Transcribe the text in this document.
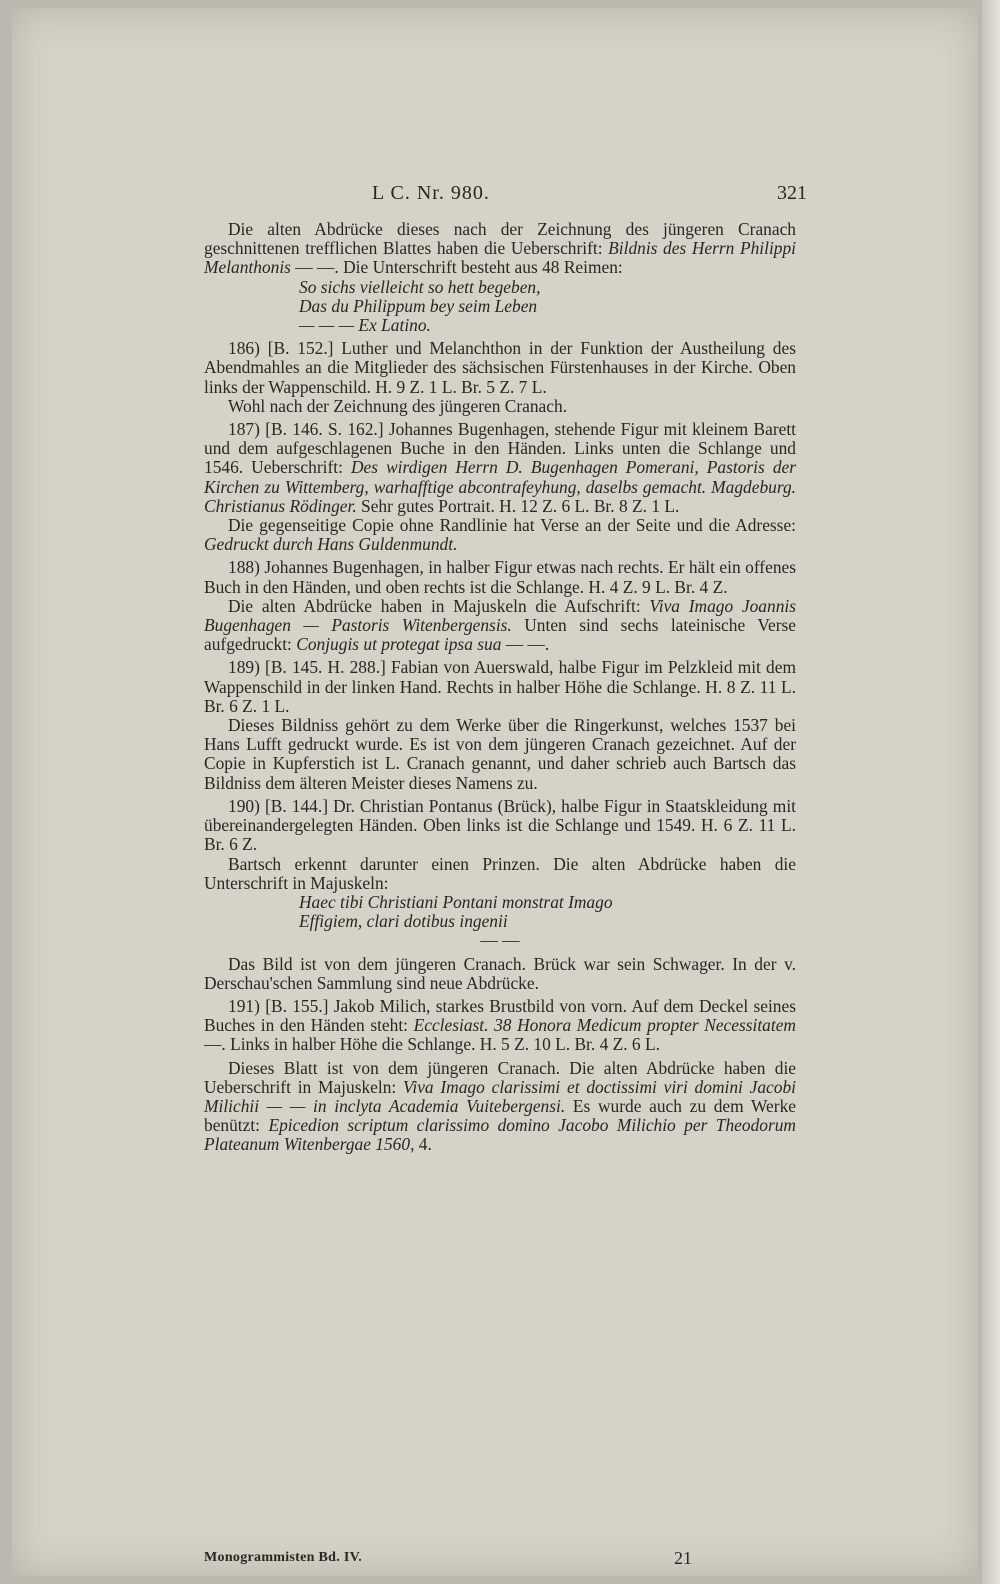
L C. Nr. 980.	321

Die alten Abdrücke dieses nach der Zeichnung des jüngeren Cranach geschnittenen trefflichen Blattes haben die Ueberschrift: Bildnis des Herrn Philippi Melanthonis — —. Die Unterschrift besteht aus 48 Reimen:

So sichs vielleicht so hett begeben,

Das du Philippum bey seim Leben

— — — Ex Latino.

186) [B. 152.] Luther und Melanchthon in der Funktion der Austheilung des Abendmahles an die Mitglieder des sächsischen Fürstenhauses in der Kirche. Oben links der Wappenschild. H. 9 Z. 1 L. Br. 5 Z. 7 L.

Wohl nach der Zeichnung des jüngeren Cranach.

187) [B. 146. S. 162.] Johannes Bugenhagen, stehende Figur mit kleinem Barett und dem aufgeschlagenen Buche in den Händen. Links unten die Schlange und 1546. Ueberschrift: Des wirdigen Herrn D. Bugenhagen Pomerani, Pastoris der Kirchen zu Wittemberg, warhafftige abcontrafeyhung, daselbs gemacht. Magdeburg. Christianus Rödinger. Sehr gutes Portrait. H. 12 Z. 6 L. Br. 8 Z. 1 L.

Die gegenseitige Copie ohne Randlinie hat Verse an der Seite und die Adresse: Gedruckt durch Hans Guldenmundt.

188) Johannes Bugenhagen, in halber Figur etwas nach rechts. Er hält ein offenes Buch in den Händen, und oben rechts ist die Schlange. H. 4 Z. 9 L. Br. 4 Z.

Die alten Abdrücke haben in Majuskeln die Aufschrift: Viva Imago Joannis Bugenhagen — Pastoris Witenbergensis. Unten sind sechs lateinische Verse aufgedruckt: Conjugis ut protegat ipsa sua — —.

189) [B. 145. H. 288.] Fabian von Auerswald, halbe Figur im Pelzkleid mit dem Wappenschild in der linken Hand. Rechts in halber Höhe die Schlange. H. 8 Z. 11 L. Br. 6 Z. 1 L.

Dieses Bildniss gehört zu dem Werke über die Ringerkunst, welches 1537 bei Hans Lufft gedruckt wurde. Es ist von dem jüngeren Cranach gezeichnet. Auf der Copie in Kupferstich ist L. Cranach genannt, und daher schrieb auch Bartsch das Bildniss dem älteren Meister dieses Namens zu.

190) [B. 144.] Dr. Christian Pontanus (Brück), halbe Figur in Staatskleidung mit übereinandergelegten Händen. Oben links ist die Schlange und 1549. H. 6 Z. 11 L. Br. 6 Z.

Bartsch erkennt darunter einen Prinzen. Die alten Abdrücke haben die Unterschrift in Majuskeln:

Haec tibi Christiani Pontani monstrat Imago

Effigiem, clari dotibus ingenii

— —

Das Bild ist von dem jüngeren Cranach. Brück war sein Schwager. In der v. Derschau'schen Sammlung sind neue Abdrücke.

191) [B. 155.] Jakob Milich, starkes Brustbild von vorn. Auf dem Deckel seines Buches in den Händen steht: Ecclesiast. 38 Honora Medicum propter Necessitatem —. Links in halber Höhe die Schlange. H. 5 Z. 10 L. Br. 4 Z. 6 L.

Dieses Blatt ist von dem jüngeren Cranach. Die alten Abdrücke haben die Ueberschrift in Majuskeln: Viva Imago clarissimi et doctissimi viri domini Jacobi Milichii — — in inclyta Academia Vuitebergensi. Es wurde auch zu dem Werke benützt: Epicedion scriptum clarissimo domino Jacobo Milichio per Theodorum Plateanum Witenbergae 1560, 4.

Monogrammisten Bd. IV.	21
